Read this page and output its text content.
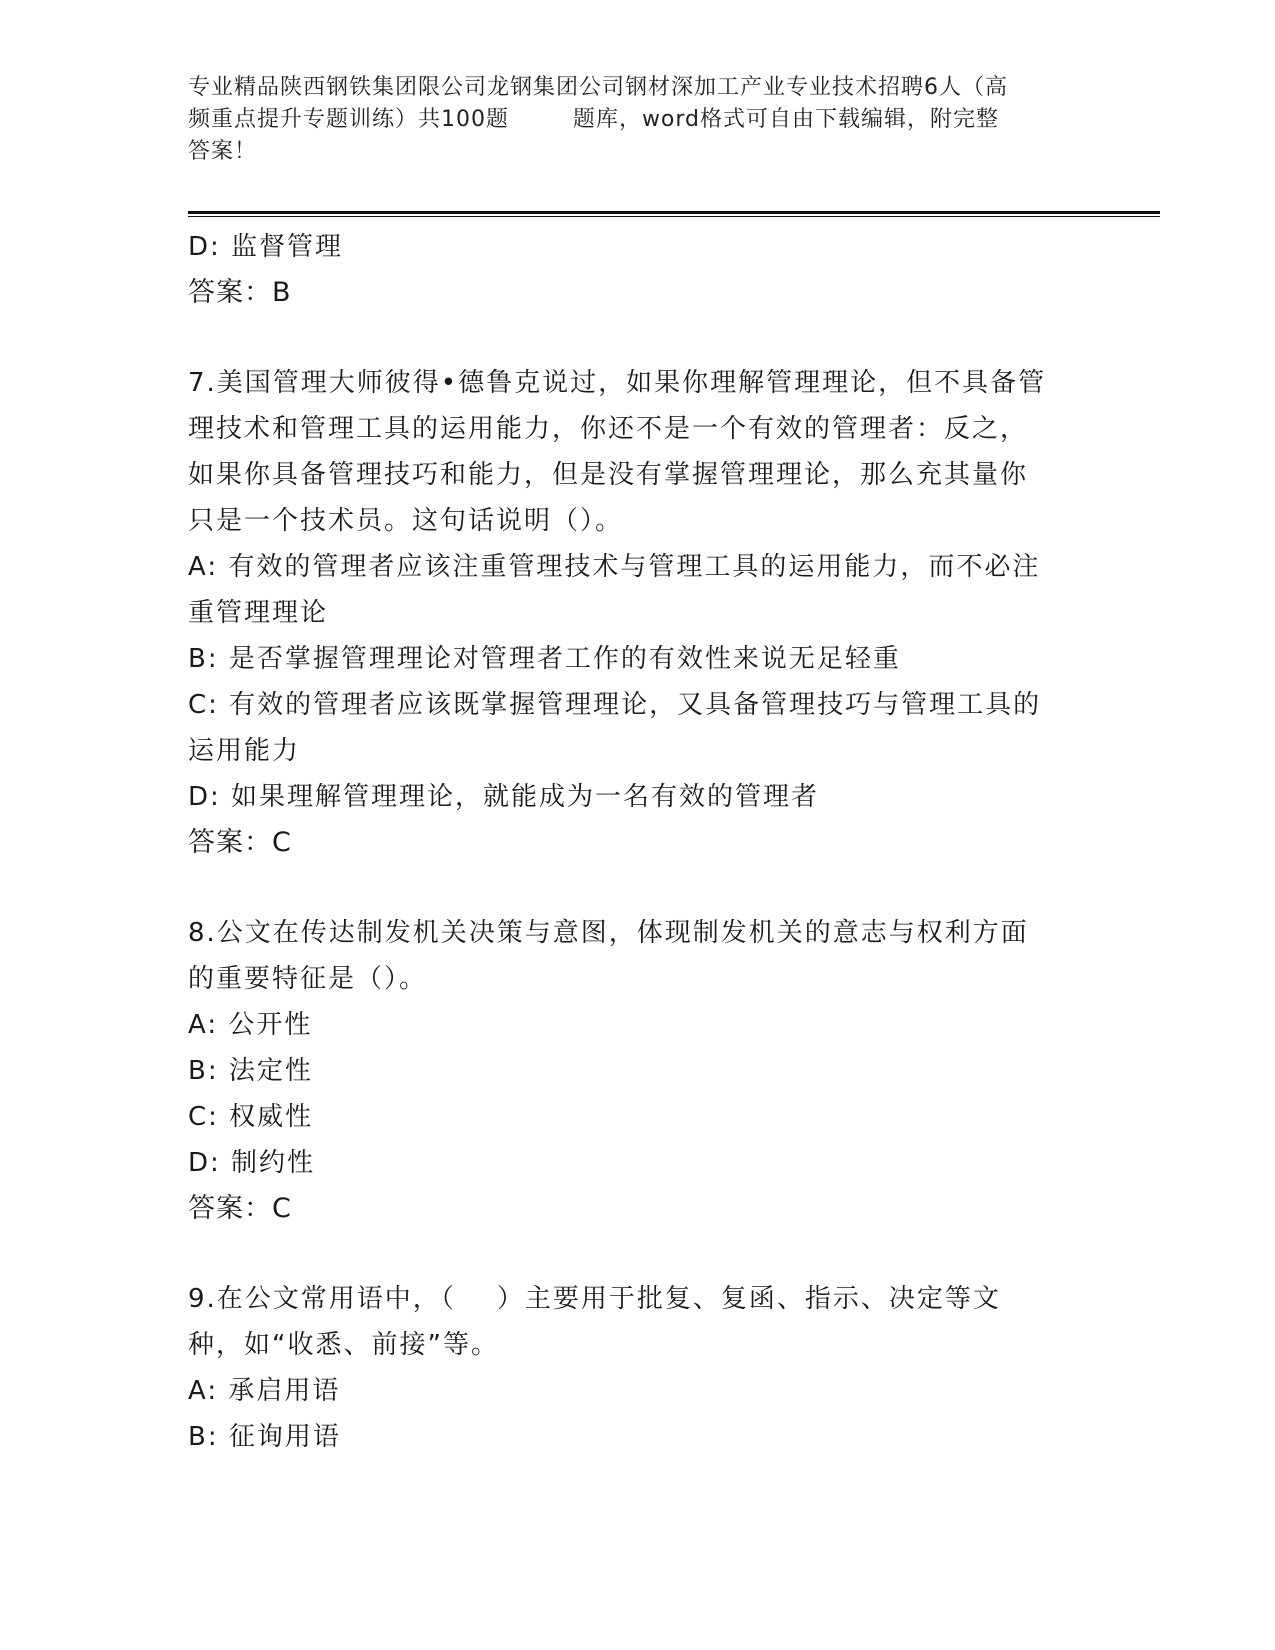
专业精品陕西钢铁集团限公司龙钢集团公司钢材深加工产业专业技术招聘6人（高
频重点提升专题训练）共100题        题库，word格式可自由下载编辑，附完整
答案！
D: 监督管理
答案：B
7.美国管理大师彼得•德鲁克说过，如果你理解管理理论，但不具备管
理技术和管理工具的运用能力，你还不是一个有效的管理者：反之，
如果你具备管理技巧和能力，但是没有掌握管理理论，那么充其量你
只是一个技术员。这句话说明（）。
A: 有效的管理者应该注重管理技术与管理工具的运用能力，而不必注
重管理理论
B: 是否掌握管理理论对管理者工作的有效性来说无足轻重
C: 有效的管理者应该既掌握管理理论，又具备管理技巧与管理工具的
运用能力
D: 如果理解管理理论，就能成为一名有效的管理者
答案：C
8.公文在传达制发机关决策与意图，体现制发机关的意志与权利方面
的重要特征是（）。
A: 公开性
B: 法定性
C: 权威性
D: 制约性
答案：C
9.在公文常用语中，（    ）主要用于批复、复函、指示、决定等文
种，如“收悉、前接”等。
A: 承启用语
B: 征询用语
